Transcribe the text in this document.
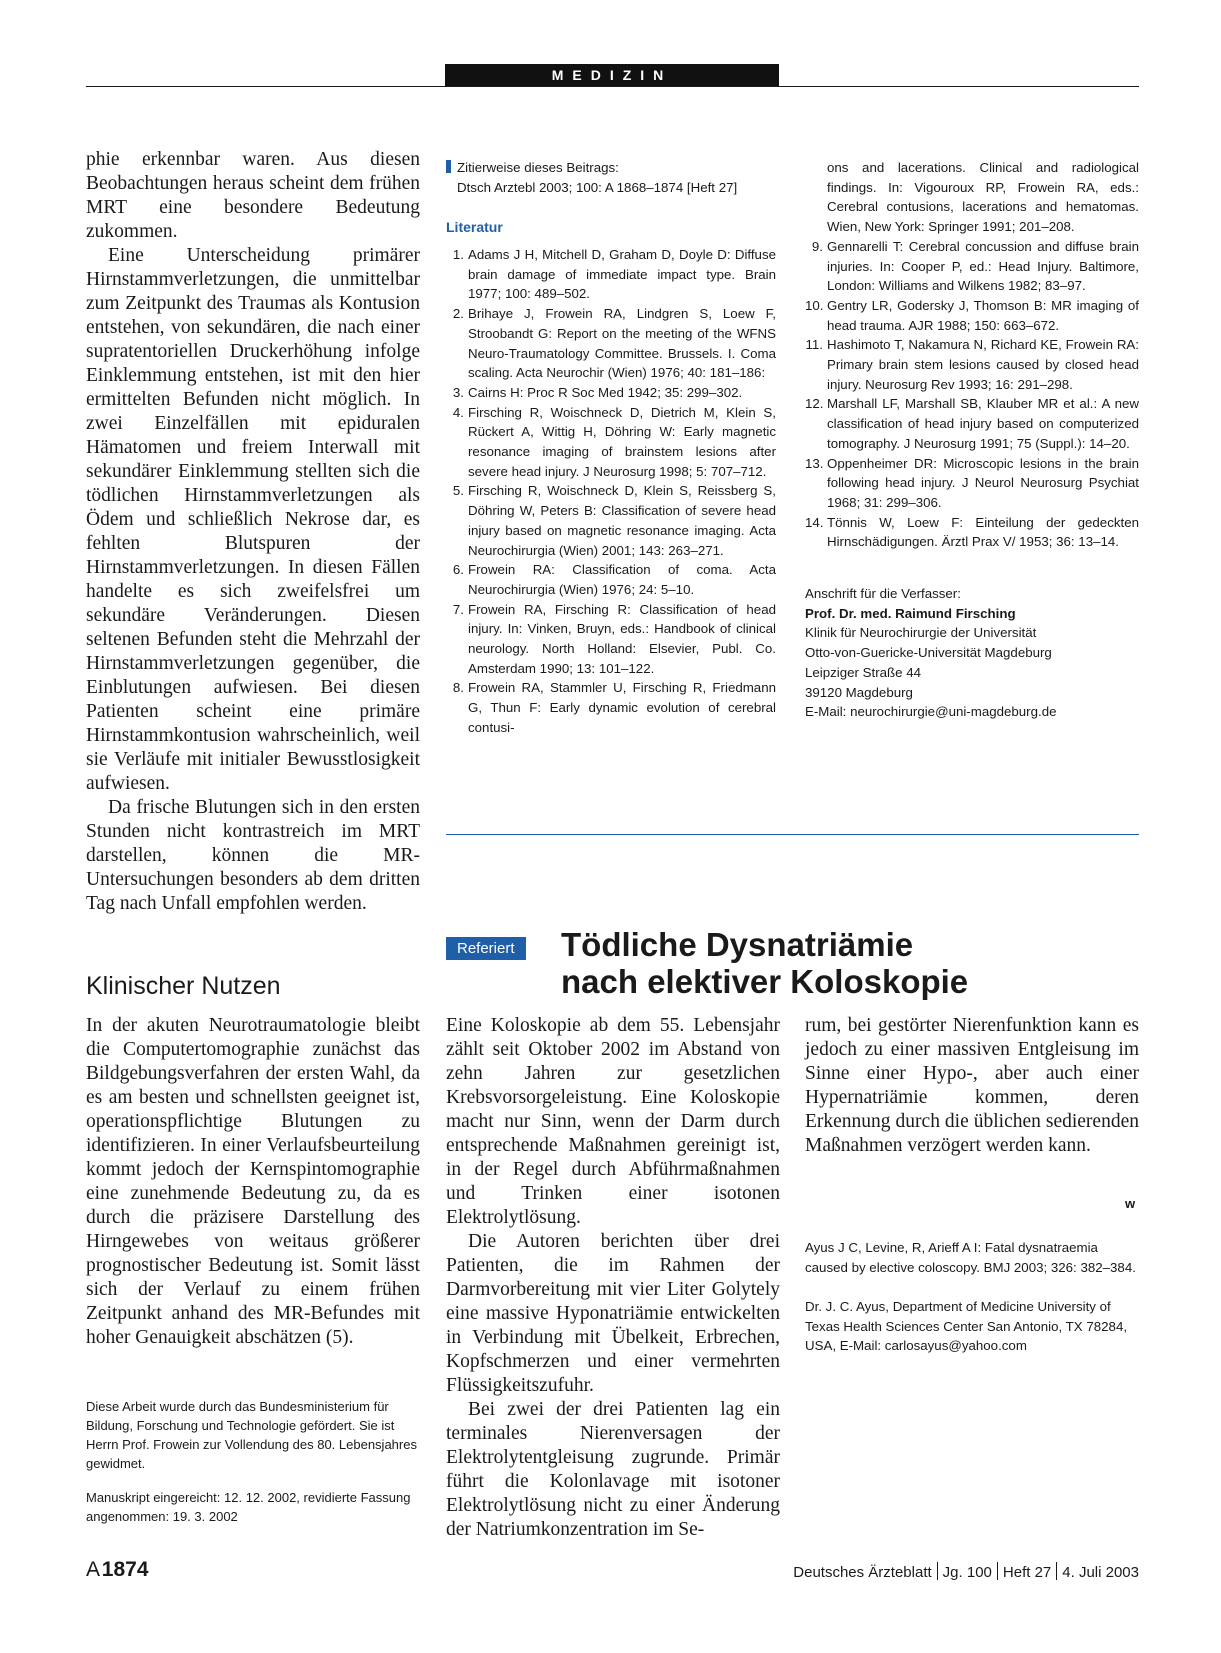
MEDIZIN

phie erkennbar waren. Aus diesen Beobachtungen heraus scheint dem frühen MRT eine besondere Bedeutung zukommen.

Eine Unterscheidung primärer Hirnstammverletzungen, die unmittelbar zum Zeitpunkt des Traumas als Kontusion entstehen, von sekundären, die nach einer supratentoriellen Druckerhöhung infolge Einklemmung entstehen, ist mit den hier ermittelten Befunden nicht möglich. In zwei Einzelfällen mit epiduralen Hämatomen und freiem Interwall mit sekundärer Einklemmung stellten sich die tödlichen Hirnstammverletzungen als Ödem und schließlich Nekrose dar, es fehlten Blutspuren der Hirnstammverletzungen. In diesen Fällen handelte es sich zweifelsfrei um sekundäre Veränderungen. Diesen seltenen Befunden steht die Mehrzahl der Hirnstammverletzungen gegenüber, die Einblutungen aufwiesen. Bei diesen Patienten scheint eine primäre Hirnstammkontusion wahrscheinlich, weil sie Verläufe mit initialer Bewusstlosigkeit aufwiesen.

Da frische Blutungen sich in den ersten Stunden nicht kontrastreich im MRT darstellen, können die MR-Untersuchungen besonders ab dem dritten Tag nach Unfall empfohlen werden.

Klinischer Nutzen

In der akuten Neurotraumatologie bleibt die Computertomographie zunächst das Bildgebungsverfahren der ersten Wahl, da es am besten und schnellsten geeignet ist, operationspflichtige Blutungen zu identifizieren. In einer Verlaufsbeurteilung kommt jedoch der Kernspintomographie eine zunehmende Bedeutung zu, da es durch die präzisere Darstellung des Hirngewebes von weitaus größerer prognostischer Bedeutung ist. Somit lässt sich der Verlauf zu einem frühen Zeitpunkt anhand des MR-Befundes mit hoher Genauigkeit abschätzen (5).

Diese Arbeit wurde durch das Bundesministerium für Bildung, Forschung und Technologie gefördert. Sie ist Herrn Prof. Frowein zur Vollendung des 80. Lebensjahres gewidmet.
Manuskript eingereicht: 12. 12. 2002, revidierte Fassung angenommen: 19. 3. 2002
Zitierweise dieses Beitrags:
Dtsch Arztebl 2003; 100: A 1868–1874 [Heft 27]
Literatur
1. Adams J H, Mitchell D, Graham D, Doyle D: Diffuse brain damage of immediate impact type. Brain 1977; 100: 489–502.
2. Brihaye J, Frowein RA, Lindgren S, Loew F, Stroobandt G: Report on the meeting of the WFNS Neuro-Traumatology Committee. Brussels. I. Coma scaling. Acta Neurochir (Wien) 1976; 40: 181–186:
3. Cairns H: Proc R Soc Med 1942; 35: 299–302.
4. Firsching R, Woischneck D, Dietrich M, Klein S, Rückert A, Wittig H, Döhring W: Early magnetic resonance imaging of brainstem lesions after severe head injury. J Neurosurg 1998; 5: 707–712.
5. Firsching R, Woischneck D, Klein S, Reissberg S, Döhring W, Peters B: Classification of severe head injury based on magnetic resonance imaging. Acta Neurochirurgia (Wien) 2001; 143: 263–271.
6. Frowein RA: Classification of coma. Acta Neurochirurgia (Wien) 1976; 24: 5–10.
7. Frowein RA, Firsching R: Classification of head injury. In: Vinken, Bruyn, eds.: Handbook of clinical neurology. North Holland: Elsevier, Publ. Co. Amsterdam 1990; 13: 101–122.
8. Frowein RA, Stammler U, Firsching R, Friedmann G, Thun F: Early dynamic evolution of cerebral contusi-
ons and lacerations. Clinical and radiological findings. In: Vigouroux RP, Frowein RA, eds.: Cerebral contusions, lacerations and hematomas. Wien, New York: Springer 1991; 201–208.
9. Gennarelli T: Cerebral concussion and diffuse brain injuries. In: Cooper P, ed.: Head Injury. Baltimore, London: Williams and Wilkens 1982; 83–97.
10. Gentry LR, Godersky J, Thomson B: MR imaging of head trauma. AJR 1988; 150: 663–672.
11. Hashimoto T, Nakamura N, Richard KE, Frowein RA: Primary brain stem lesions caused by closed head injury. Neurosurg Rev 1993; 16: 291–298.
12. Marshall LF, Marshall SB, Klauber MR et al.: A new classification of head injury based on computerized tomography. J Neurosurg 1991; 75 (Suppl.): 14–20.
13. Oppenheimer DR: Microscopic lesions in the brain following head injury. J Neurol Neurosurg Psychiat 1968; 31: 299–306.
14. Tönnis W, Loew F: Einteilung der gedeckten Hirnschädigungen. Ärztl Prax V/ 1953; 36: 13–14.
Anschrift für die Verfasser:
Prof. Dr. med. Raimund Firsching
Klinik für Neurochirurgie der Universität
Otto-von-Guericke-Universität Magdeburg
Leipziger Straße 44
39120 Magdeburg
E-Mail: neurochirurgie@uni-magdeburg.de
Referiert	Tödliche Dysnatriämie
nach elektiver Koloskopie

Eine Koloskopie ab dem 55. Lebensjahr zählt seit Oktober 2002 im Abstand von zehn Jahren zur gesetzlichen Krebsvorsorgeleistung. Eine Koloskopie macht nur Sinn, wenn der Darm durch entsprechende Maßnahmen gereinigt ist, in der Regel durch Abführmaßnahmen und Trinken einer isotonen Elektrolytlösung.

Die Autoren berichten über drei Patienten, die im Rahmen der Darmvorbereitung mit vier Liter Golytely eine massive Hyponatriämie entwickelten in Verbindung mit Übelkeit, Erbrechen, Kopfschmerzen und einer vermehrten Flüssigkeitszufuhr.

Bei zwei der drei Patienten lag ein terminales Nierenversagen der Elektrolytentgleisung zugrunde. Primär führt die Kolonlavage mit isotoner Elektrolytlösung nicht zu einer Änderung der Natriumkonzentration im Se-

rum, bei gestörter Nierenfunktion kann es jedoch zu einer massiven Entgleisung im Sinne einer Hypo-, aber auch einer Hypernatriämie kommen, deren Erkennung durch die üblichen sedierenden Maßnahmen verzögert werden kann.

w
Ayus J C, Levine, R, Arieff A I: Fatal dysnatraemia caused by elective coloscopy. BMJ 2003; 326: 382–384.
Dr. J. C. Ayus, Department of Medicine University of Texas Health Sciences Center San Antonio, TX 78284, USA, E-Mail: carlosayus@yahoo.com
A 1874	Deutsches Ärzteblatt Jg. 100 Heft 27 4. Juli 2003
